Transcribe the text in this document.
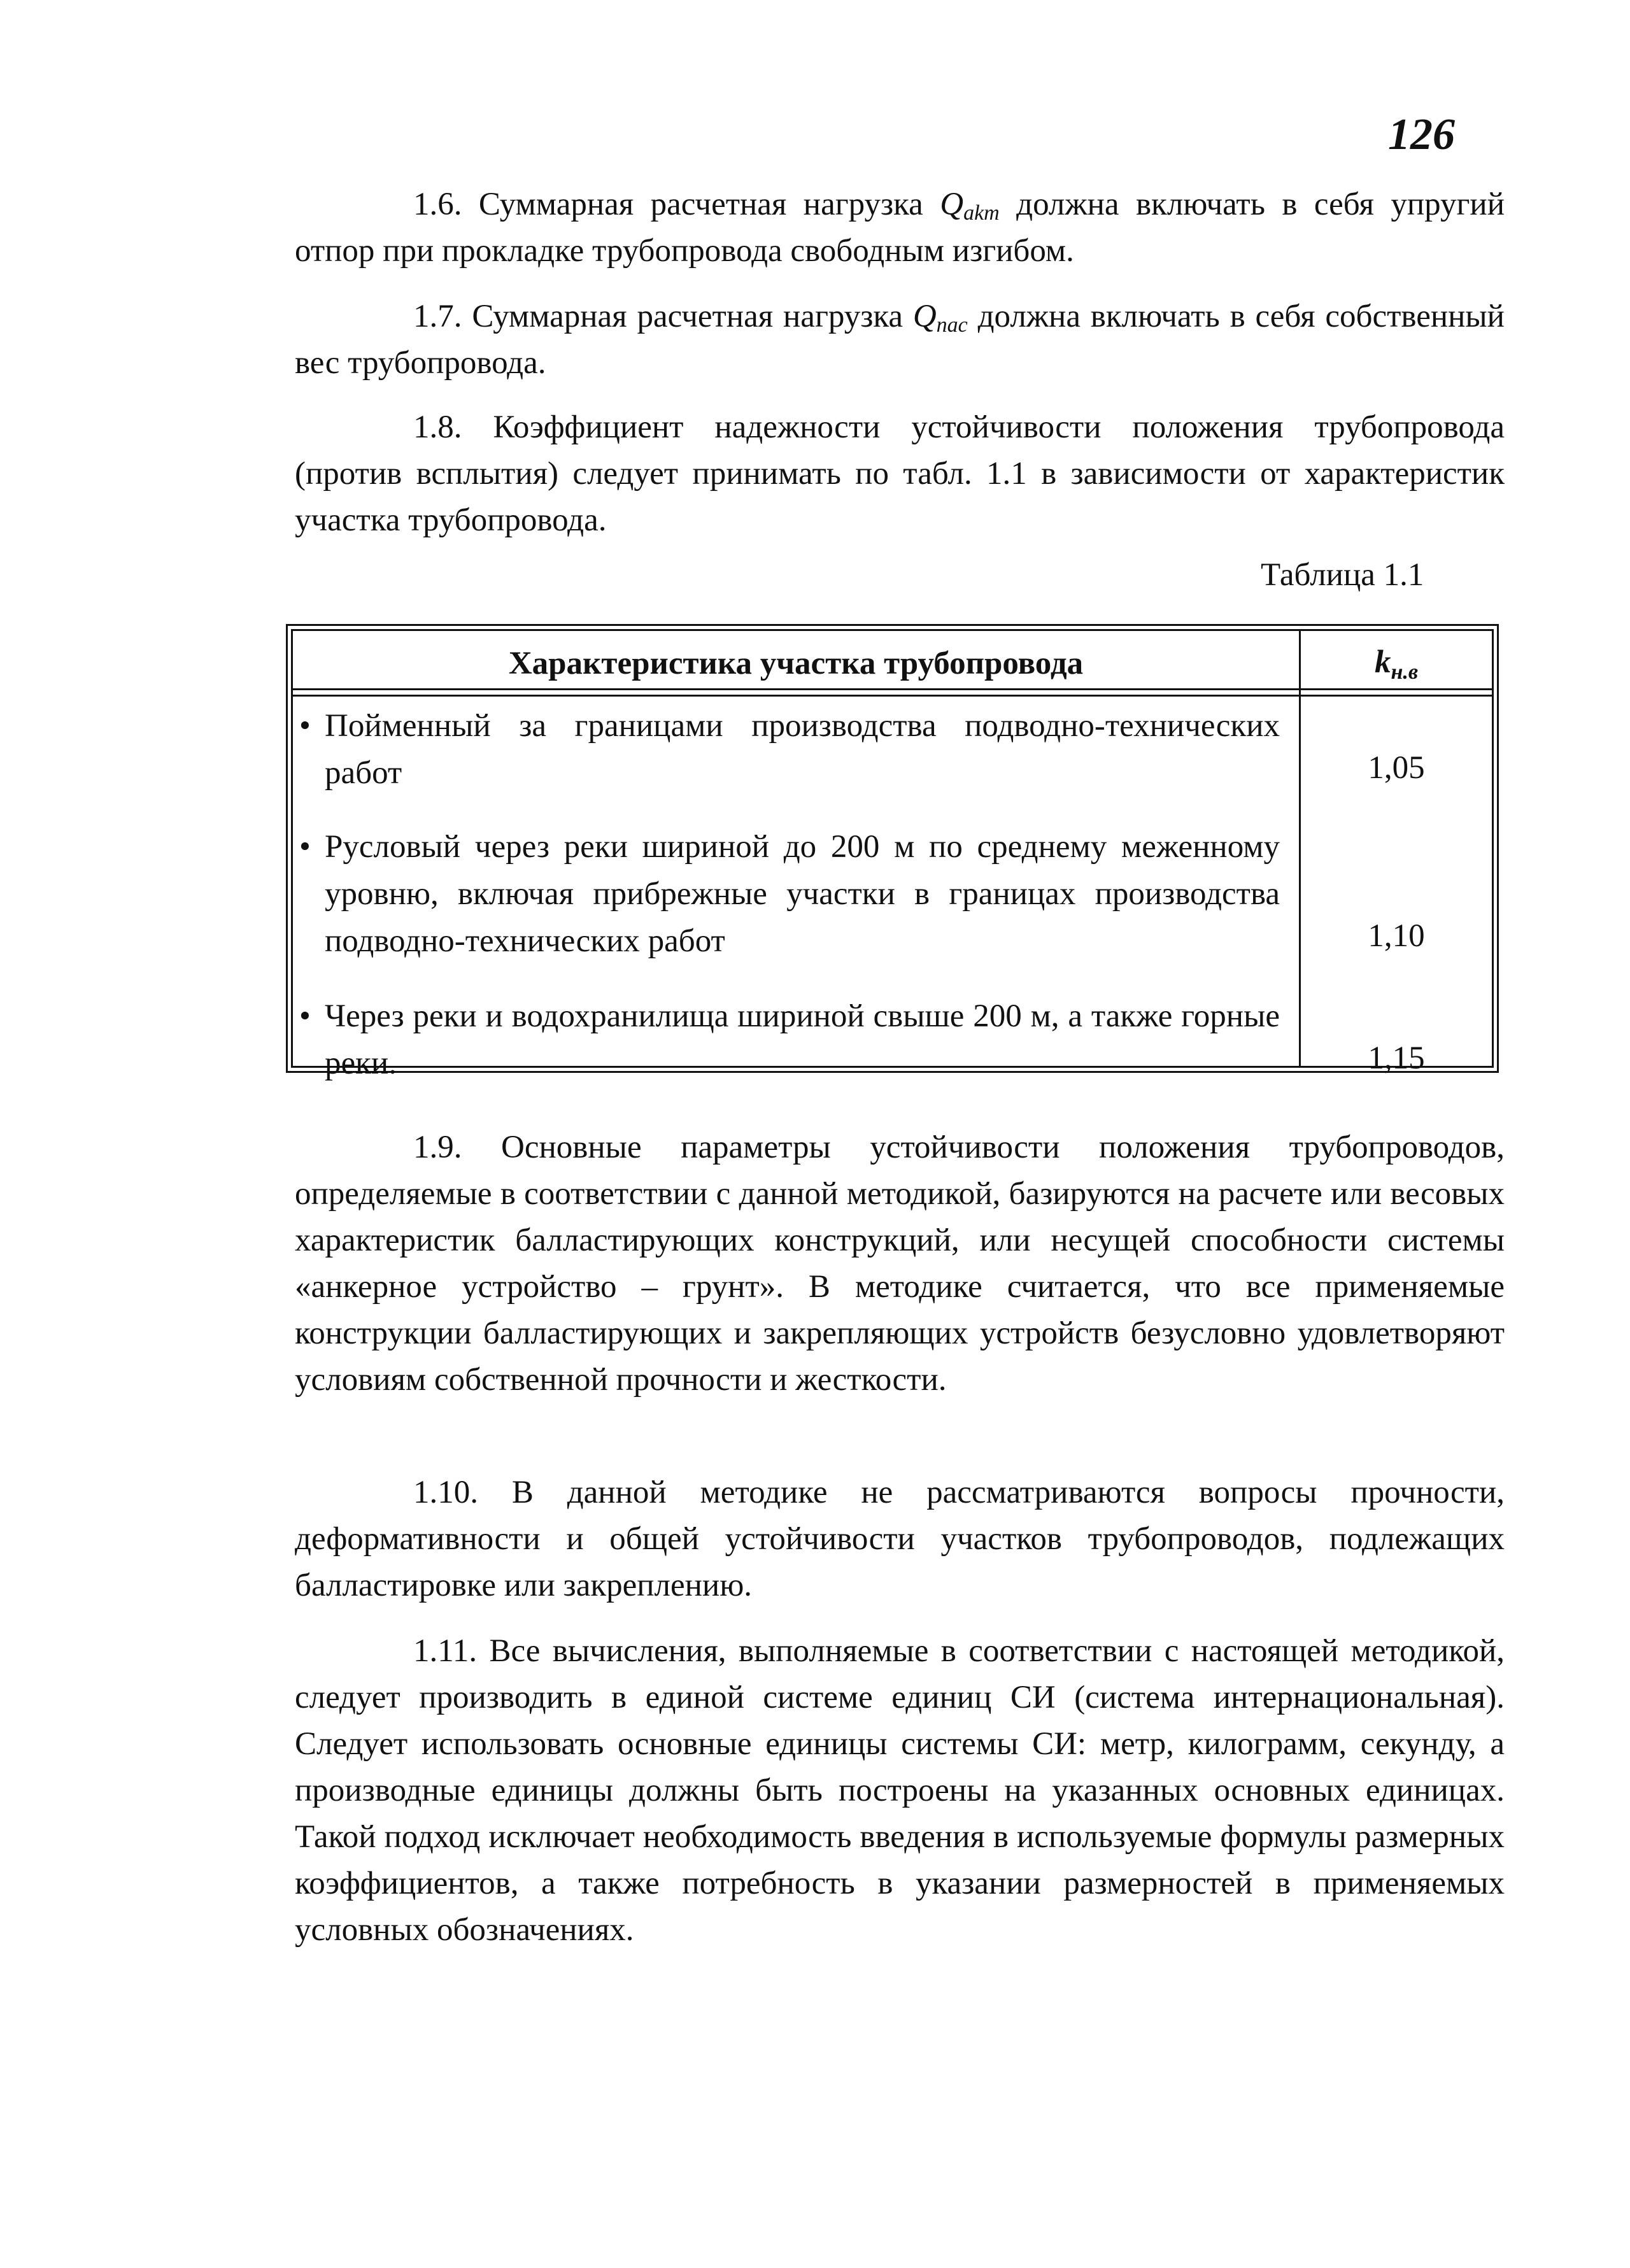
126

1.6. Суммарная расчетная нагрузка $Q_{akm}$ должна включать в себя упругий отпор при прокладке трубопровода свободным изгибом.

1.7. Суммарная расчетная нагрузка $Q_{nac}$ должна включать в себя собственный вес трубопровода.

1.8. Коэффициент надежности устойчивости положения трубопровода (против всплытия) следует принимать по табл. 1.1 в зависимости от характеристик участка трубопровода.

Таблица 1.1
Характеристика участка трубопровода	$k_{н.в}$
• Пойменный за границами производства подводно-технических работ	1,05
• Русловый через реки шириной до 200 м по среднему меженному уровню, включая прибрежные участки в границах производства подводно-технических работ	1,10
• Через реки и водохранилища шириной свыше 200 м, а также горные реки.	1,15

1.9. Основные параметры устойчивости положения трубопроводов, определяемые в соответствии с данной методикой, базируются на расчете или весовых характеристик балластирующих конструкций, или несущей способности системы «анкерное устройство – грунт». В методике считается, что все применяемые конструкции балластирующих и закрепляющих устройств безусловно удовлетворяют условиям собственной прочности и жесткости.

1.10. В данной методике не рассматриваются вопросы прочности, деформативности и общей устойчивости участков трубопроводов, подлежащих балластировке или закреплению.

1.11. Все вычисления, выполняемые в соответствии с настоящей методикой, следует производить в единой системе единиц СИ (система интернациональная). Следует использовать основные единицы системы СИ: метр, килограмм, секунду, а производные единицы должны быть построены на указанных основных единицах. Такой подход исключает необходимость введения в используемые формулы размерных коэффициентов, а также потребность в указании размерностей в применяемых условных обозначениях.
